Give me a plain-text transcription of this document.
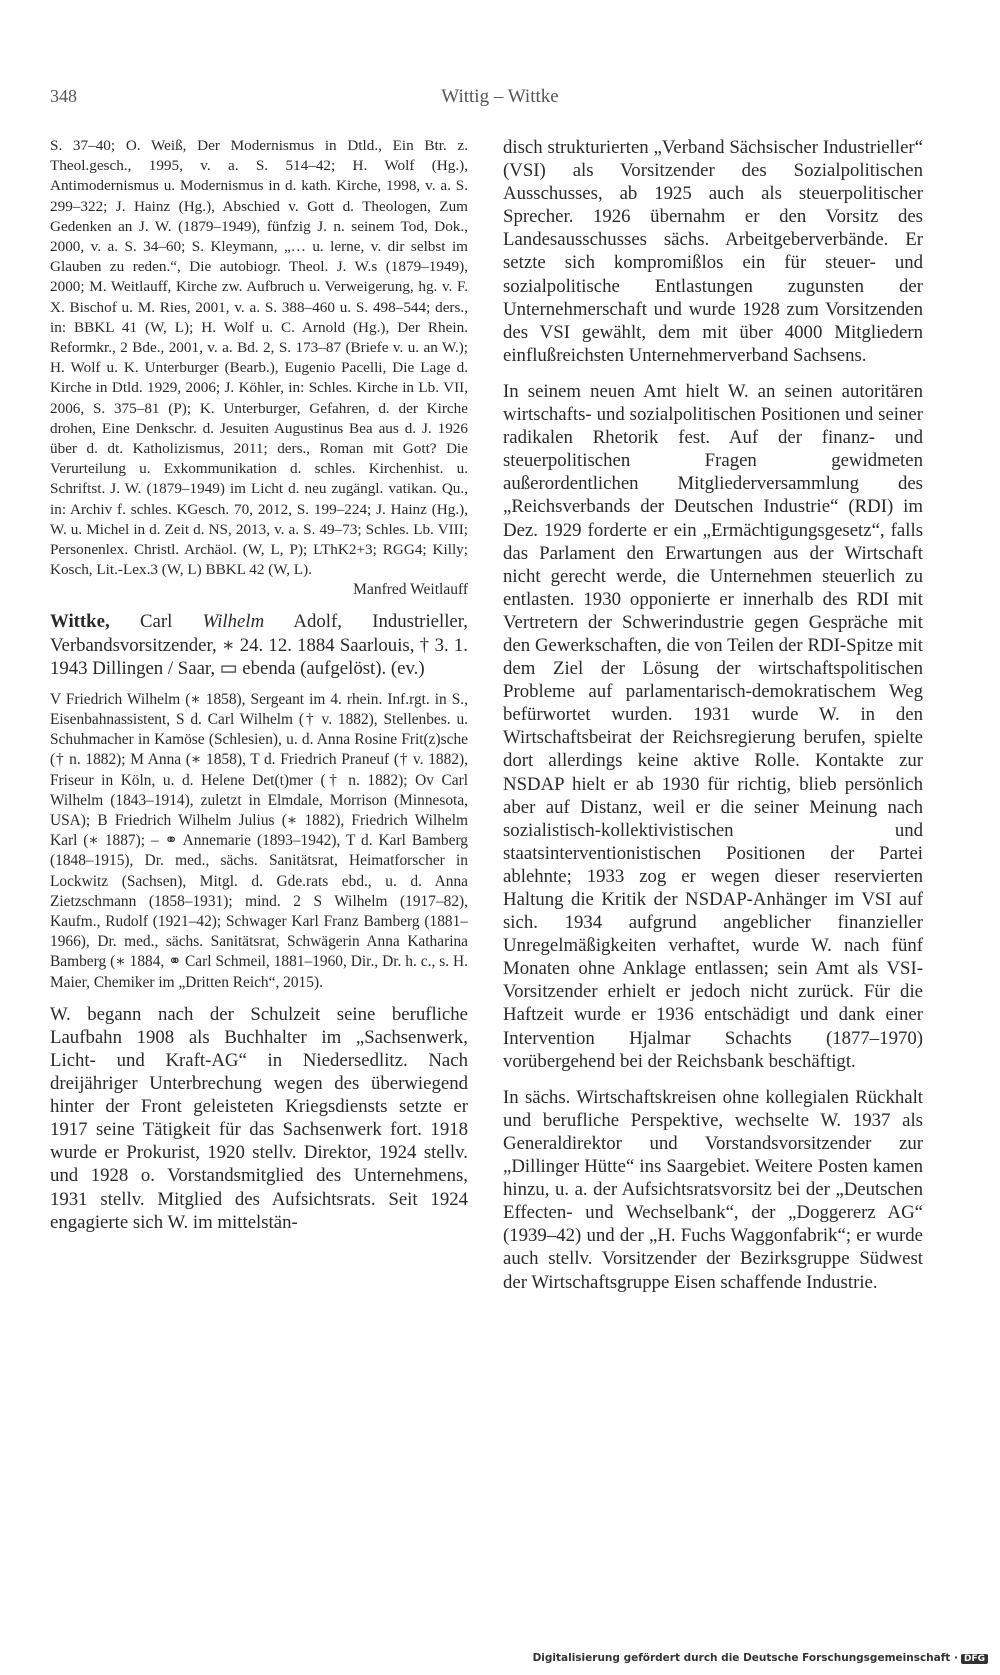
348	Wittig – Wittke

S. 37–40; O. Weiß, Der Modernismus in Dtld., Ein Btr. z. Theol.gesch., 1995, v. a. S. 514–42; H. Wolf (Hg.), Antimodernismus u. Modernismus in d. kath. Kirche, 1998, v. a. S. 299–322; J. Hainz (Hg.), Abschied v. Gott d. Theologen, Zum Gedenken an J. W. (1879–1949), fünfzig J. n. seinem Tod, Dok., 2000, v. a. S. 34–60; S. Kleymann, „… u. lerne, v. dir selbst im Glauben zu reden.“, Die autobiogr. Theol. J. W.s (1879–1949), 2000; M. Weitlauff, Kirche zw. Aufbruch u. Verweigerung, hg. v. F. X. Bischof u. M. Ries, 2001, v. a. S. 388–460 u. S. 498–544; ders., in: BBKL 41 (W, L); H. Wolf u. C. Arnold (Hg.), Der Rhein. Reformkr., 2 Bde., 2001, v. a. Bd. 2, S. 173–87 (Briefe v. u. an W.); H. Wolf u. K. Unterburger (Bearb.), Eugenio Pacelli, Die Lage d. Kirche in Dtld. 1929, 2006; J. Köhler, in: Schles. Kirche in Lb. VII, 2006, S. 375–81 (P); K. Unterburger, Gefahren, d. der Kirche drohen, Eine Denkschr. d. Jesuiten Augustinus Bea aus d. J. 1926 über d. dt. Katholizismus, 2011; ders., Roman mit Gott? Die Verurteilung u. Exkommunikation d. schles. Kirchenhist. u. Schriftst. J. W. (1879–1949) im Licht d. neu zugängl. vatikan. Qu., in: Archiv f. schles. KGesch. 70, 2012, S. 199–224; J. Hainz (Hg.), W. u. Michel in d. Zeit d. NS, 2013, v. a. S. 49–73; Schles. Lb. VIII; Personenlex. Christl. Archäol. (W, L, P); LThK2+3; RGG4; Killy; Kosch, Lit.-Lex.3 (W, L) BBKL 42 (W, L).

Manfred Weitlauff

Wittke, Carl Wilhelm Adolf, Industrieller, Verbandsvorsitzender, ∗ 24. 12. 1884 Saarlouis, † 3. 1. 1943 Dillingen / Saar, ▭ ebenda (aufgelöst). (ev.)

V Friedrich Wilhelm (∗ 1858), Sergeant im 4. rhein. Inf.rgt. in S., Eisenbahnassistent, S d. Carl Wilhelm († v. 1882), Stellenbes. u. Schuhmacher in Kamöse (Schlesien), u. d. Anna Rosine Frit(z)sche († n. 1882); M Anna (∗ 1858), T d. Friedrich Praneuf († v. 1882), Friseur in Köln, u. d. Helene Det(t)mer († n. 1882); Ov Carl Wilhelm (1843–1914), zuletzt in Elmdale, Morrison (Minnesota, USA); B Friedrich Wilhelm Julius (∗ 1882), Friedrich Wilhelm Karl (∗ 1887); – ⚭ Annemarie (1893–1942), T d. Karl Bamberg (1848–1915), Dr. med., sächs. Sanitätsrat, Heimatforscher in Lockwitz (Sachsen), Mitgl. d. Gde.rats ebd., u. d. Anna Zietzschmann (1858–1931); mind. 2 S Wilhelm (1917–82), Kaufm., Rudolf (1921–42); Schwager Karl Franz Bamberg (1881–1966), Dr. med., sächs. Sanitätsrat, Schwägerin Anna Katharina Bamberg (∗ 1884, ⚭ Carl Schmeil, 1881–1960, Dir., Dr. h. c., s. H. Maier, Chemiker im „Dritten Reich“, 2015).

W. begann nach der Schulzeit seine berufliche Laufbahn 1908 als Buchhalter im „Sachsenwerk, Licht- und Kraft-AG“ in Niedersedlitz. Nach dreijähriger Unterbrechung wegen des überwiegend hinter der Front geleisteten Kriegsdiensts setzte er 1917 seine Tätigkeit für das Sachsenwerk fort. 1918 wurde er Prokurist, 1920 stellv. Direktor, 1924 stellv. und 1928 o. Vorstandsmitglied des Unternehmens, 1931 stellv. Mitglied des Aufsichtsrats. Seit 1924 engagierte sich W. im mittelstän-

disch strukturierten „Verband Sächsischer Industrieller“ (VSI) als Vorsitzender des Sozialpolitischen Ausschusses, ab 1925 auch als steuerpolitischer Sprecher. 1926 übernahm er den Vorsitz des Landesausschusses sächs. Arbeitgeberverbände. Er setzte sich kompromißlos ein für steuer- und sozialpolitische Entlastungen zugunsten der Unternehmerschaft und wurde 1928 zum Vorsitzenden des VSI gewählt, dem mit über 4000 Mitgliedern einflußreichsten Unternehmerverband Sachsens.

In seinem neuen Amt hielt W. an seinen autoritären wirtschafts- und sozialpolitischen Positionen und seiner radikalen Rhetorik fest. Auf der finanz- und steuerpolitischen Fragen gewidmeten außerordentlichen Mitgliederversammlung des „Reichsverbands der Deutschen Industrie“ (RDI) im Dez. 1929 forderte er ein „Ermächtigungsgesetz“, falls das Parlament den Erwartungen aus der Wirtschaft nicht gerecht werde, die Unternehmen steuerlich zu entlasten. 1930 opponierte er innerhalb des RDI mit Vertretern der Schwerindustrie gegen Gespräche mit den Gewerkschaften, die von Teilen der RDI-Spitze mit dem Ziel der Lösung der wirtschaftspolitischen Probleme auf parlamentarisch-demokratischem Weg befürwortet wurden. 1931 wurde W. in den Wirtschaftsbeirat der Reichsregierung berufen, spielte dort allerdings keine aktive Rolle. Kontakte zur NSDAP hielt er ab 1930 für richtig, blieb persönlich aber auf Distanz, weil er die seiner Meinung nach sozialistisch-kollektivistischen und staatsinterventionistischen Positionen der Partei ablehnte; 1933 zog er wegen dieser reservierten Haltung die Kritik der NSDAP-Anhänger im VSI auf sich. 1934 aufgrund angeblicher finanzieller Unregelmäßigkeiten verhaftet, wurde W. nach fünf Monaten ohne Anklage entlassen; sein Amt als VSI-Vorsitzender erhielt er jedoch nicht zurück. Für die Haftzeit wurde er 1936 entschädigt und dank einer Intervention Hjalmar Schachts (1877–1970) vorübergehend bei der Reichsbank beschäftigt.

In sächs. Wirtschaftskreisen ohne kollegialen Rückhalt und berufliche Perspektive, wechselte W. 1937 als Generaldirektor und Vorstandsvorsitzender zur „Dillinger Hütte“ ins Saargebiet. Weitere Posten kamen hinzu, u. a. der Aufsichtsratsvorsitz bei der „Deutschen Effecten- und Wechselbank“, der „Doggererz AG“ (1939–42) und der „H. Fuchs Waggonfabrik“; er wurde auch stellv. Vorsitzender der Bezirksgruppe Südwest der Wirtschaftsgruppe Eisen schaffende Industrie.

Digitalisierung gefördert durch die Deutsche Forschungsgemeinschaft · DFG
